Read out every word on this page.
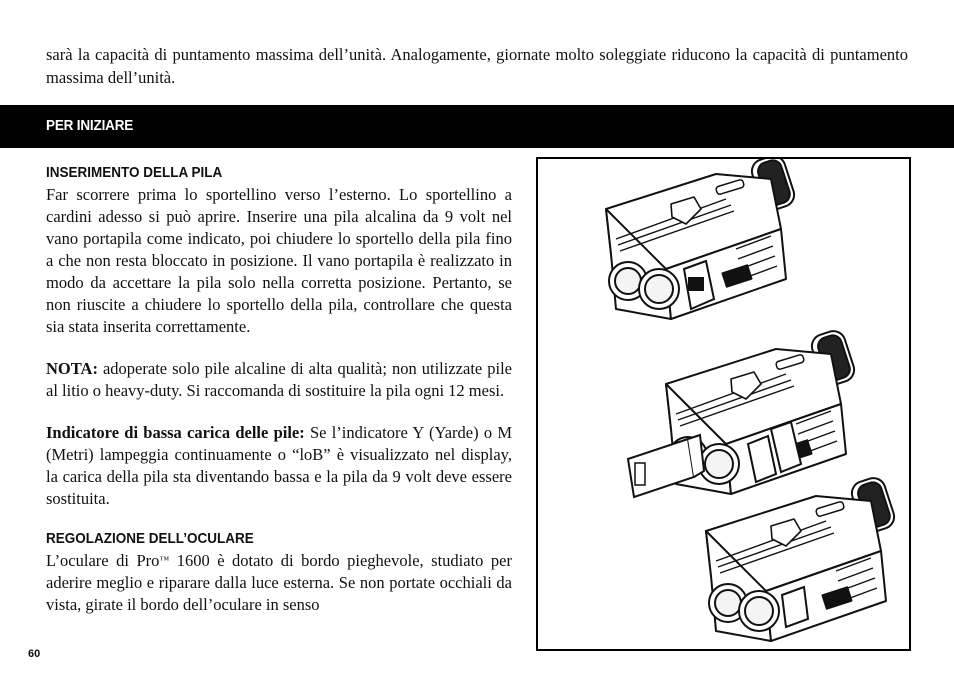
sarà la capacità di puntamento massima dell’unità. Analogamente, giornate molto soleggiate riducono la capacità di puntamento massima dell’unità.

PER INIZIARE
INSERIMENTO DELLA PILA

Far scorrere prima lo sportellino verso l’esterno. Lo sportellino a cardini adesso si può aprire. Inserire una pila alcalina da 9 volt nel vano portapila come indicato, poi chiudere lo sportello della pila fino a che non resta bloccato in posizione. Il vano portapila è realizzato in modo da accettare la pila solo nella corretta posizione. Pertanto, se non riuscite a chiudere lo sportello della pila, controllare che questa sia stata inserita correttamente.

NOTA: adoperate solo pile alcaline di alta qualità; non utilizzate pile al litio o heavy-duty. Si raccomanda di sostituire la pila ogni 12 mesi.

Indicatore di bassa carica delle pile: Se l’indicatore Y (Yarde) o M (Metri) lampeggia continuamente o “loB” è visualizzato nel display, la carica della pila sta diventando bassa e la pila da 9 volt deve essere sostituita.

REGOLAZIONE DELL’OCULARE

L’oculare di Pro™ 1600 è dotato di bordo pieghevole, studiato per aderire meglio e riparare dalla luce esterna. Se non portate occhiali da vista, girate il bordo dell’oculare in senso

60
